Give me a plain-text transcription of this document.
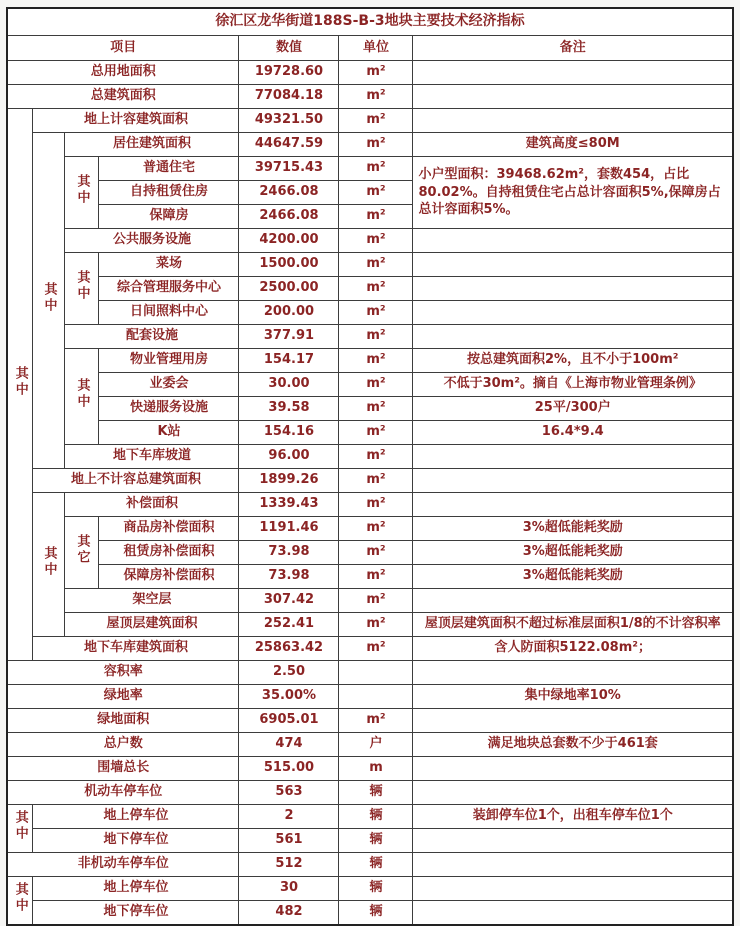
徐汇区龙华街道188S-B-3地块主要技术经济指标						
项目				数值	单位	备注
总用地面积				19728.60	m²	
总建筑面积				77084.18	m²	
其中	地上计容建筑面积			49321.50	m²	
	其中	居住建筑面积		44647.59	m²	建筑高度≤80M
		其中	普通住宅	39715.43	m²	小户型面积：39468.62m²，套数454，占比80.02%。自持租赁住宅占总计容面积5%,保障房占总计容面积5%。
			自持租赁住房	2466.08	m²	
			保障房	2466.08	m²	
		公共服务设施		4200.00	m²	
		其中	菜场	1500.00	m²	
			综合管理服务中心	2500.00	m²	
			日间照料中心	200.00	m²	
		配套设施		377.91	m²	
		其中	物业管理用房	154.17	m²	按总建筑面积2%，且不小于100m²
			业委会	30.00	m²	不低于30m²。摘自《上海市物业管理条例》
			快递服务设施	39.58	m²	25平/300户
			K站	154.16	m²	16.4*9.4
		地下车库坡道		96.00	m²	
	地上不计容总建筑面积			1899.26	m²	
	其中	补偿面积		1339.43	m²	
		其它	商品房补偿面积	1191.46	m²	3%超低能耗奖励
			租赁房补偿面积	73.98	m²	3%超低能耗奖励
			保障房补偿面积	73.98	m²	3%超低能耗奖励
		架空层		307.42	m²	
		屋顶层建筑面积		252.41	m²	屋顶层建筑面积不超过标准层面积1/8的不计容积率
	地下车库建筑面积			25863.42	m²	含人防面积5122.08m²；
容积率				2.50		
绿地率				35.00%		集中绿地率10%
绿地面积				6905.01	m²	
总户数				474	户	满足地块总套数不少于461套
围墙总长				515.00	m	
机动车停车位				563	辆	
其中	地上停车位			2	辆	装卸停车位1个，出租车停车位1个
	地下停车位			561	辆	
非机动车停车位				512	辆	
其中	地上停车位			30	辆	
	地下停车位			482	辆	
